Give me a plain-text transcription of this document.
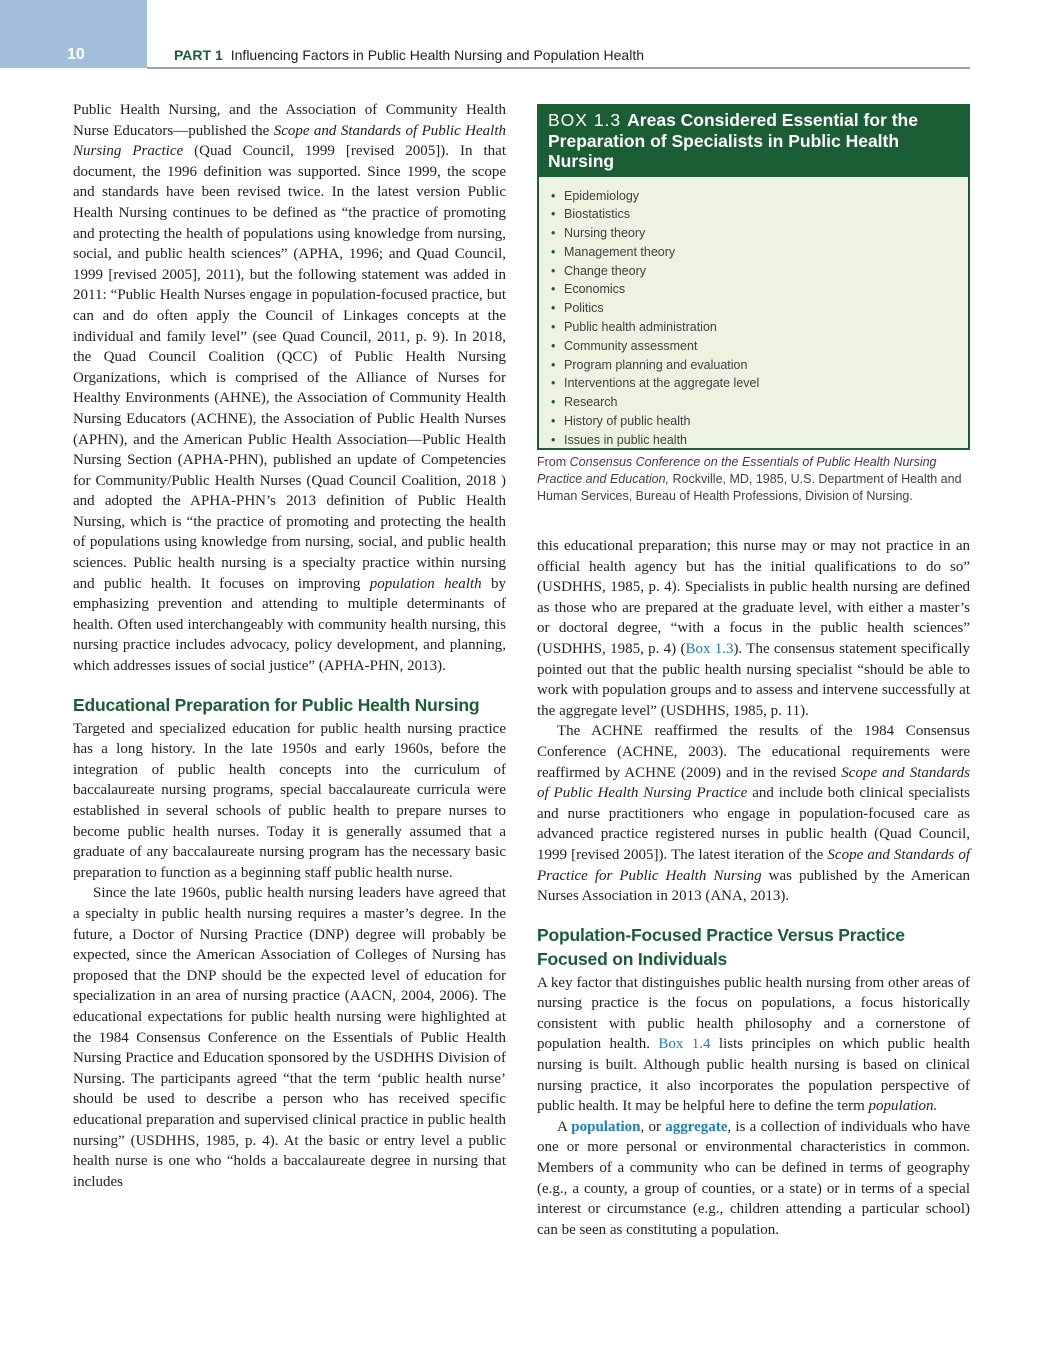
10	PART 1 Influencing Factors in Public Health Nursing and Population Health

Public Health Nursing, and the Association of Community Health Nurse Educators—published the Scope and Standards of Public Health Nursing Practice (Quad Council, 1999 [revised 2005]). In that document, the 1996 definition was supported. Since 1999, the scope and standards have been revised twice. In the latest version Public Health Nursing continues to be defined as “the practice of promoting and protecting the health of populations using knowledge from nursing, social, and public health sciences” (APHA, 1996; and Quad Council, 1999 [revised 2005], 2011), but the following statement was added in 2011: “Public Health Nurses engage in population-focused practice, but can and do often apply the Council of Linkages concepts at the individual and family level” (see Quad Council, 2011, p. 9). In 2018, the Quad Council Coalition (QCC) of Public Health Nursing Organizations, which is comprised of the Alliance of Nurses for Healthy Environments (AHNE), the Association of Community Health Nursing Educators (ACHNE), the Association of Public Health Nurses (APHN), and the American Public Health Association—Public Health Nursing Section (APHA-PHN), published an update of Competencies for Community/Public Health Nurses (Quad Council Coalition, 2018 ) and adopted the APHA-PHN’s 2013 definition of Public Health Nursing, which is “the practice of promoting and protecting the health of populations using knowledge from nursing, social, and public health sciences. Public health nursing is a specialty practice within nursing and public health. It focuses on improving population health by emphasizing prevention and attending to multiple determinants of health. Often used interchangeably with community health nursing, this nursing practice includes advocacy, policy development, and planning, which addresses issues of social justice” (APHA-PHN, 2013).

Educational Preparation for Public Health Nursing

Targeted and specialized education for public health nursing practice has a long history. In the late 1950s and early 1960s, before the integration of public health concepts into the curriculum of baccalaureate nursing programs, special baccalaureate curricula were established in several schools of public health to prepare nurses to become public health nurses. Today it is generally assumed that a graduate of any baccalaureate nursing program has the necessary basic preparation to function as a beginning staff public health nurse.

Since the late 1960s, public health nursing leaders have agreed that a specialty in public health nursing requires a master’s degree. In the future, a Doctor of Nursing Practice (DNP) degree will probably be expected, since the American Association of Colleges of Nursing has proposed that the DNP should be the expected level of education for specialization in an area of nursing practice (AACN, 2004, 2006). The educational expectations for public health nursing were highlighted at the 1984 Consensus Conference on the Essentials of Public Health Nursing Practice and Education sponsored by the USDHHS Division of Nursing. The participants agreed “that the term ‘public health nurse’ should be used to describe a person who has received specific educational preparation and supervised clinical practice in public health nursing” (USDHHS, 1985, p. 4). At the basic or entry level a public health nurse is one who “holds a baccalaureate degree in nursing that includes

BOX 1.3 Areas Considered Essential for the Preparation of Specialists in Public Health Nursing
• Epidemiology
• Biostatistics
• Nursing theory
• Management theory
• Change theory
• Economics
• Politics
• Public health administration
• Community assessment
• Program planning and evaluation
• Interventions at the aggregate level
• Research
• History of public health
• Issues in public health
From Consensus Conference on the Essentials of Public Health Nursing Practice and Education, Rockville, MD, 1985, U.S. Department of Health and Human Services, Bureau of Health Professions, Division of Nursing.

this educational preparation; this nurse may or may not practice in an official health agency but has the initial qualifications to do so” (USDHHS, 1985, p. 4). Specialists in public health nursing are defined as those who are prepared at the graduate level, with either a master’s or doctoral degree, “with a focus in the public health sciences” (USDHHS, 1985, p. 4) (Box 1.3). The consensus statement specifically pointed out that the public health nursing specialist “should be able to work with population groups and to assess and intervene successfully at the aggregate level” (USDHHS, 1985, p. 11).

The ACHNE reaffirmed the results of the 1984 Consensus Conference (ACHNE, 2003). The educational requirements were reaffirmed by ACHNE (2009) and in the revised Scope and Standards of Public Health Nursing Practice and include both clinical specialists and nurse practitioners who engage in population-focused care as advanced practice registered nurses in public health (Quad Council, 1999 [revised 2005]). The latest iteration of the Scope and Standards of Practice for Public Health Nursing was published by the American Nurses Association in 2013 (ANA, 2013).

Population-Focused Practice Versus Practice Focused on Individuals

A key factor that distinguishes public health nursing from other areas of nursing practice is the focus on populations, a focus historically consistent with public health philosophy and a cornerstone of population health. Box 1.4 lists principles on which public health nursing is built. Although public health nursing is based on clinical nursing practice, it also incorporates the population perspective of public health. It may be helpful here to define the term population.

A population, or aggregate, is a collection of individuals who have one or more personal or environmental characteristics in common. Members of a community who can be defined in terms of geography (e.g., a county, a group of counties, or a state) or in terms of a special interest or circumstance (e.g., children attending a particular school) can be seen as constituting a population.
